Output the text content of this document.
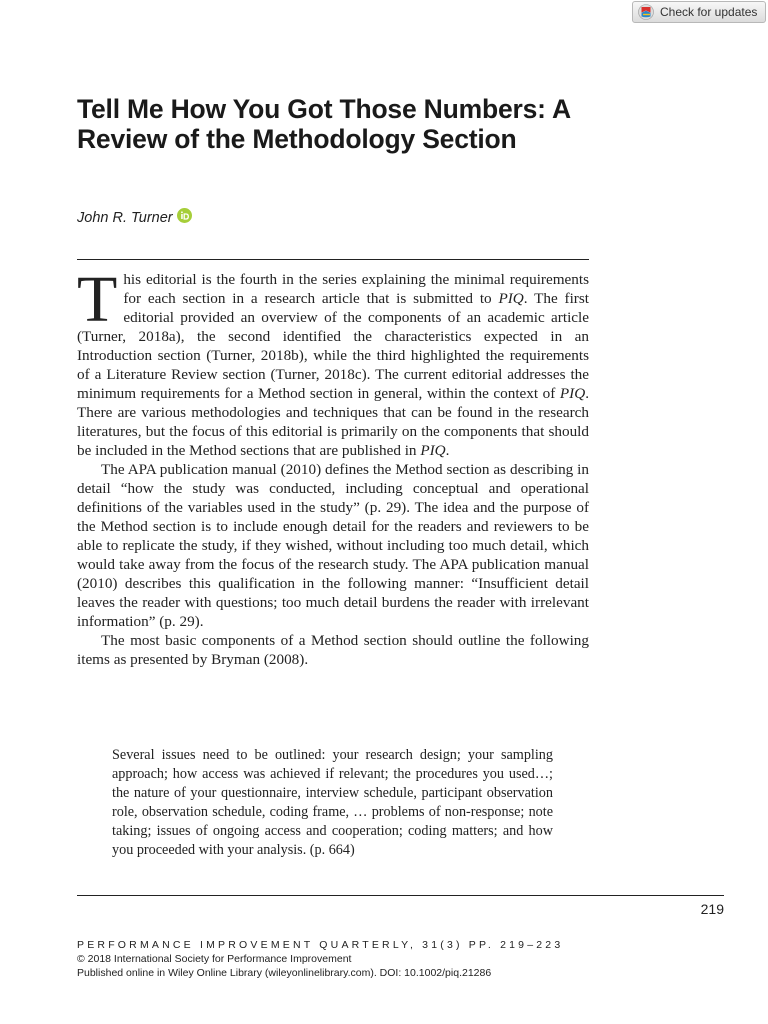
Check for updates
Tell Me How You Got Those Numbers: A Review of the Methodology Section
John R. Turner

This editorial is the fourth in the series explaining the minimal requirements for each section in a research article that is submitted to PIQ. The first editorial provided an overview of the components of an academic article (Turner, 2018a), the second identified the characteristics expected in an Introduction section (Turner, 2018b), while the third highlighted the requirements of a Literature Review section (Turner, 2018c). The current editorial addresses the minimum requirements for a Method section in general, within the context of PIQ. There are various methodologies and techniques that can be found in the research literatures, but the focus of this editorial is primarily on the components that should be included in the Method sections that are published in PIQ.

The APA publication manual (2010) defines the Method section as describing in detail “how the study was conducted, including conceptual and operational definitions of the variables used in the study” (p. 29). The idea and the purpose of the Method section is to include enough detail for the readers and reviewers to be able to replicate the study, if they wished, without including too much detail, which would take away from the focus of the research study. The APA publication manual (2010) describes this qualification in the following manner: “Insufficient detail leaves the reader with questions; too much detail burdens the reader with irrelevant information” (p. 29).

The most basic components of a Method section should outline the following items as presented by Bryman (2008).

Several issues need to be outlined: your research design; your sampling approach; how access was achieved if relevant; the procedures you used…; the nature of your questionnaire, interview schedule, participant observation role, observation schedule, coding frame, … problems of non-response; note taking; issues of ongoing access and cooperation; coding matters; and how you proceeded with your analysis. (p. 664)

219
PERFORMANCE IMPROVEMENT QUARTERLY, 31(3) PP. 219–223
© 2018 International Society for Performance Improvement
Published online in Wiley Online Library (wileyonlinelibrary.com). DOI: 10.1002/piq.21286
